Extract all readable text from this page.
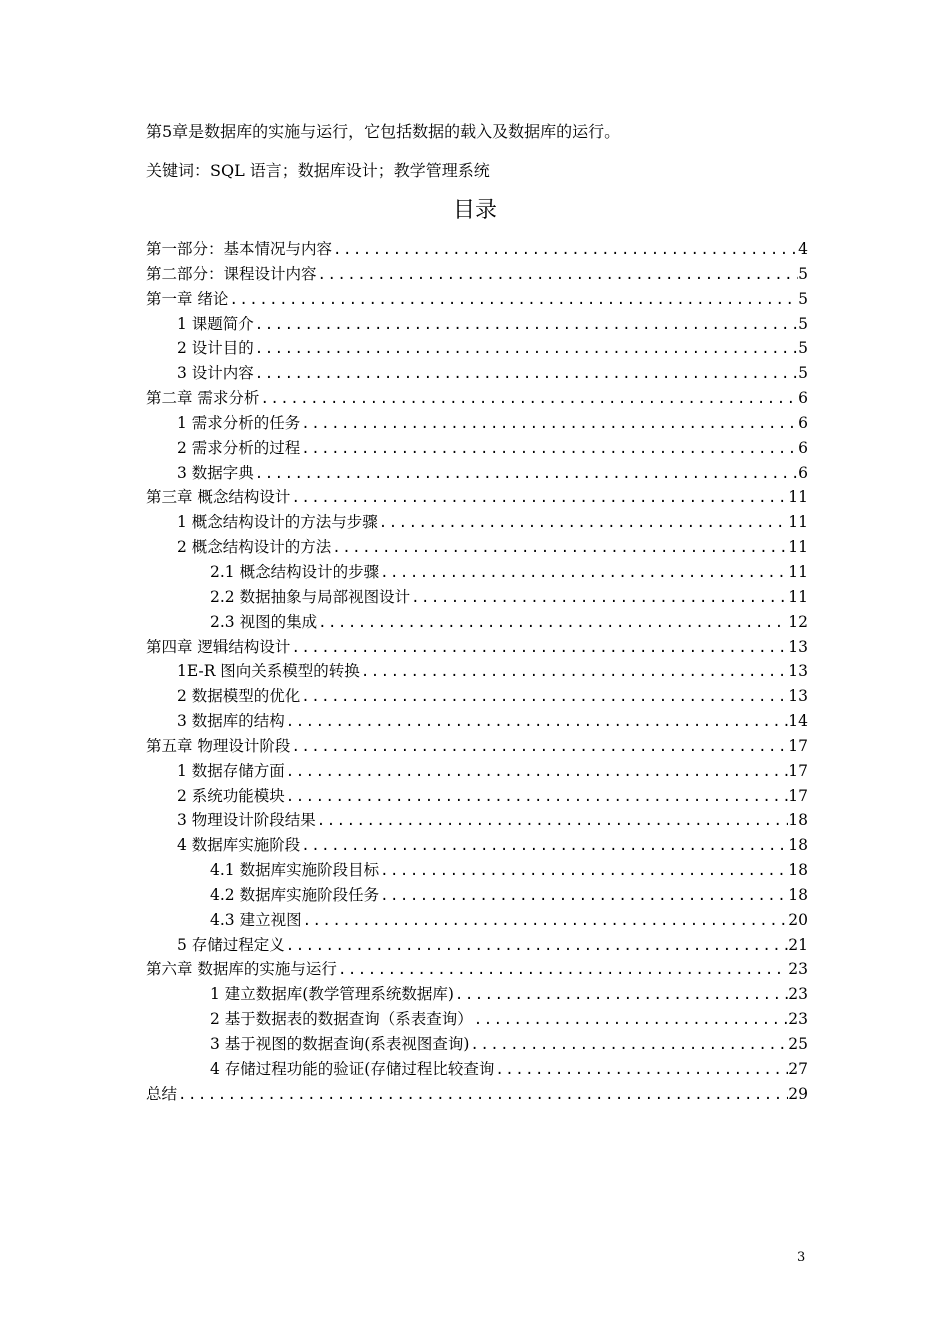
第5章是数据库的实施与运行，它包括数据的载入及数据库的运行。
关键词：SQL 语言；数据库设计；教学管理系统
目录
第一部分：基本情况与内容 .....	4
第二部分：课程设计内容 .....	5
第一章 绪论 .....	5
1 课题简介 .....	5
2 设计目的 .....	5
3 设计内容 .....	5
第二章 需求分析 .....	6
1 需求分析的任务 .....	6
2 需求分析的过程 .....	6
3 数据字典 .....	6
第三章 概念结构设计 .....	11
1 概念结构设计的方法与步骤 .....	11
2 概念结构设计的方法 .....	11
2.1 概念结构设计的步骤 .....	11
2.2 数据抽象与局部视图设计 .....	11
2.3 视图的集成 .....	12
第四章 逻辑结构设计 .....	13
1E-R 图向关系模型的转换 .....	13
2 数据模型的优化 .....	13
3 数据库的结构 .....	14
第五章 物理设计阶段 .....	17
1 数据存储方面 .....	17
2 系统功能模块 .....	17
3 物理设计阶段结果 .....	18
4 数据库实施阶段 .....	18
4.1 数据库实施阶段目标 .....	18
4.2 数据库实施阶段任务 .....	18
4.3 建立视图 .....	20
5 存储过程定义 .....	21
第六章 数据库的实施与运行 .....	23
1 建立数据库(教学管理系统数据库) .....	23
2 基于数据表的数据查询（系表查询） .....	23
3 基于视图的数据查询(系表视图查询) .....	25
4 存储过程功能的验证(存储过程比较查询 .....	27
总结 .....	29
3
